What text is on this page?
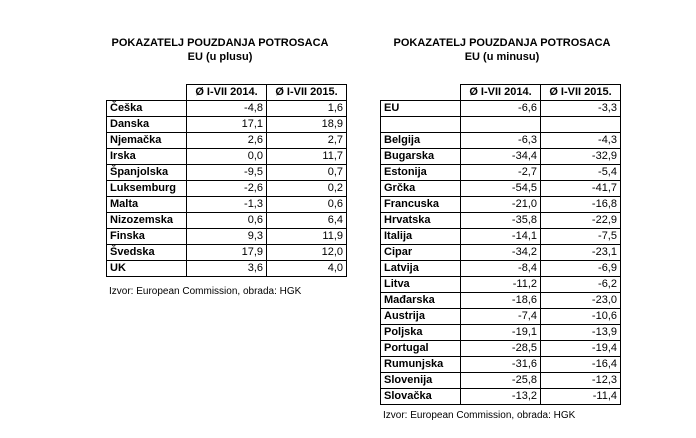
POKAZATELJ POUZDANJA POTROSACA
EU (u plusu)
	Ø I-VII 2014.	Ø I-VII 2015.
Češka	-4,8	1,6
Danska	17,1	18,9
Njemačka	2,6	2,7
Irska	0,0	11,7
Španjolska	-9,5	0,7
Luksemburg	-2,6	0,2
Malta	-1,3	0,6
Nizozemska	0,6	6,4
Finska	9,3	11,9
Švedska	17,9	12,0
UK	3,6	4,0
Izvor: European Commission, obrada: HGK
POKAZATELJ POUZDANJA POTROSACA
EU (u minusu)
	Ø I-VII 2014.	Ø I-VII 2015.
EU	-6,6	-3,3

Belgija	-6,3	-4,3
Bugarska	-34,4	-32,9
Estonija	-2,7	-5,4
Grčka	-54,5	-41,7
Francuska	-21,0	-16,8
Hrvatska	-35,8	-22,9
Italija	-14,1	-7,5
Cipar	-34,2	-23,1
Latvija	-8,4	-6,9
Litva	-11,2	-6,2
Mađarska	-18,6	-23,0
Austrija	-7,4	-10,6
Poljska	-19,1	-13,9
Portugal	-28,5	-19,4
Rumunjska	-31,6	-16,4
Slovenija	-25,8	-12,3
Slovačka	-13,2	-11,4
Izvor: European Commission, obrada: HGK
